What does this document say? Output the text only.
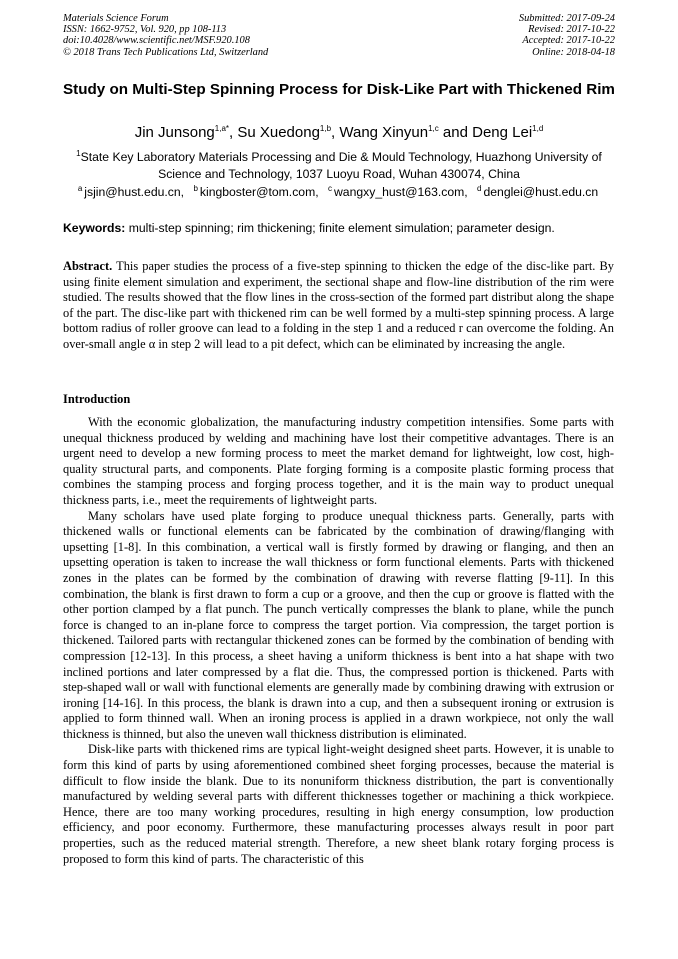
Materials Science Forum
ISSN: 1662-9752, Vol. 920, pp 108-113
doi:10.4028/www.scientific.net/MSF.920.108
© 2018 Trans Tech Publications Ltd, Switzerland
Submitted: 2017-09-24
Revised: 2017-10-22
Accepted: 2017-10-22
Online: 2018-04-18
Study on Multi-Step Spinning Process for Disk-Like Part with Thickened Rim
Jin Junsong$^{1,a*}$, Su Xuedong$^{1,b}$, Wang Xinyun$^{1,c}$ and Deng Lei$^{1,d}$
$^1$State Key Laboratory Materials Processing and Die & Mould Technology, Huazhong University of Science and Technology, 1037 Luoyu Road, Wuhan 430074, China
$^a$ jsjin@hust.edu.cn, $^b$ kingboster@tom.com, $^c$ wangxy_hust@163.com, $^d$ denglei@hust.edu.cn
Keywords: multi-step spinning; rim thickening; finite element simulation; parameter design.
Abstract. This paper studies the process of a five-step spinning to thicken the edge of the disc-like part. By using finite element simulation and experiment, the sectional shape and flow-line distribution of the rim were studied. The results showed that the flow lines in the cross-section of the formed part distribut along the shape of the part. The disc-like part with thickened rim can be well formed by a multi-step spinning process. A large bottom radius of roller groove can lead to a folding in the step 1 and a reduced r can overcome the folding. An over-small angle α in step 2 will lead to a pit defect, which can be eliminated by increasing the angle.
Introduction

With the economic globalization, the manufacturing industry competition intensifies. Some parts with unequal thickness produced by welding and machining have lost their competitive advantages. There is an urgent need to develop a new forming process to meet the market demand for lightweight, low cost, high-quality structural parts, and components. Plate forging forming is a composite plastic forming process that combines the stamping process and forging process together, and it is the main way to product unequal thickness parts, i.e., meet the requirements of lightweight parts.

Many scholars have used plate forging to produce unequal thickness parts. Generally, parts with thickened walls or functional elements can be fabricated by the combination of drawing/flanging with upsetting [1-8]. In this combination, a vertical wall is firstly formed by drawing or flanging, and then an upsetting operation is taken to increase the wall thickness or form functional elements. Parts with thickened zones in the plates can be formed by the combination of drawing with reverse flatting [9-11]. In this combination, the blank is first drawn to form a cup or a groove, and then the cup or groove is flatted with the other portion clamped by a flat punch. The punch vertically compresses the blank to plane, while the punch force is changed to an in-plane force to compress the target portion. Via compression, the target portion is thickened. Tailored parts with rectangular thickened zones can be formed by the combination of bending with compression [12-13]. In this process, a sheet having a uniform thickness is bent into a hat shape with two inclined portions and later compressed by a flat die. Thus, the compressed portion is thickened. Parts with step-shaped wall or wall with functional elements are generally made by combining drawing with extrusion or ironing [14-16]. In this process, the blank is drawn into a cup, and then a subsequent ironing or extrusion is applied to form thinned wall. When an ironing process is applied in a drawn workpiece, not only the wall thickness is thinned, but also the uneven wall thickness distribution is eliminated.

Disk-like parts with thickened rims are typical light-weight designed sheet parts. However, it is unable to form this kind of parts by using aforementioned combined sheet forging processes, because the material is difficult to flow inside the blank. Due to its nonuniform thickness distribution, the part is conventionally manufactured by welding several parts with different thicknesses together or machining a thick workpiece. Hence, there are too many working procedures, resulting in high energy consumption, low production efficiency, and poor economy. Furthermore, these manufacturing processes always result in poor part properties, such as the reduced material strength. Therefore, a new sheet blank rotary forging process is proposed to form this kind of parts. The characteristic of this
